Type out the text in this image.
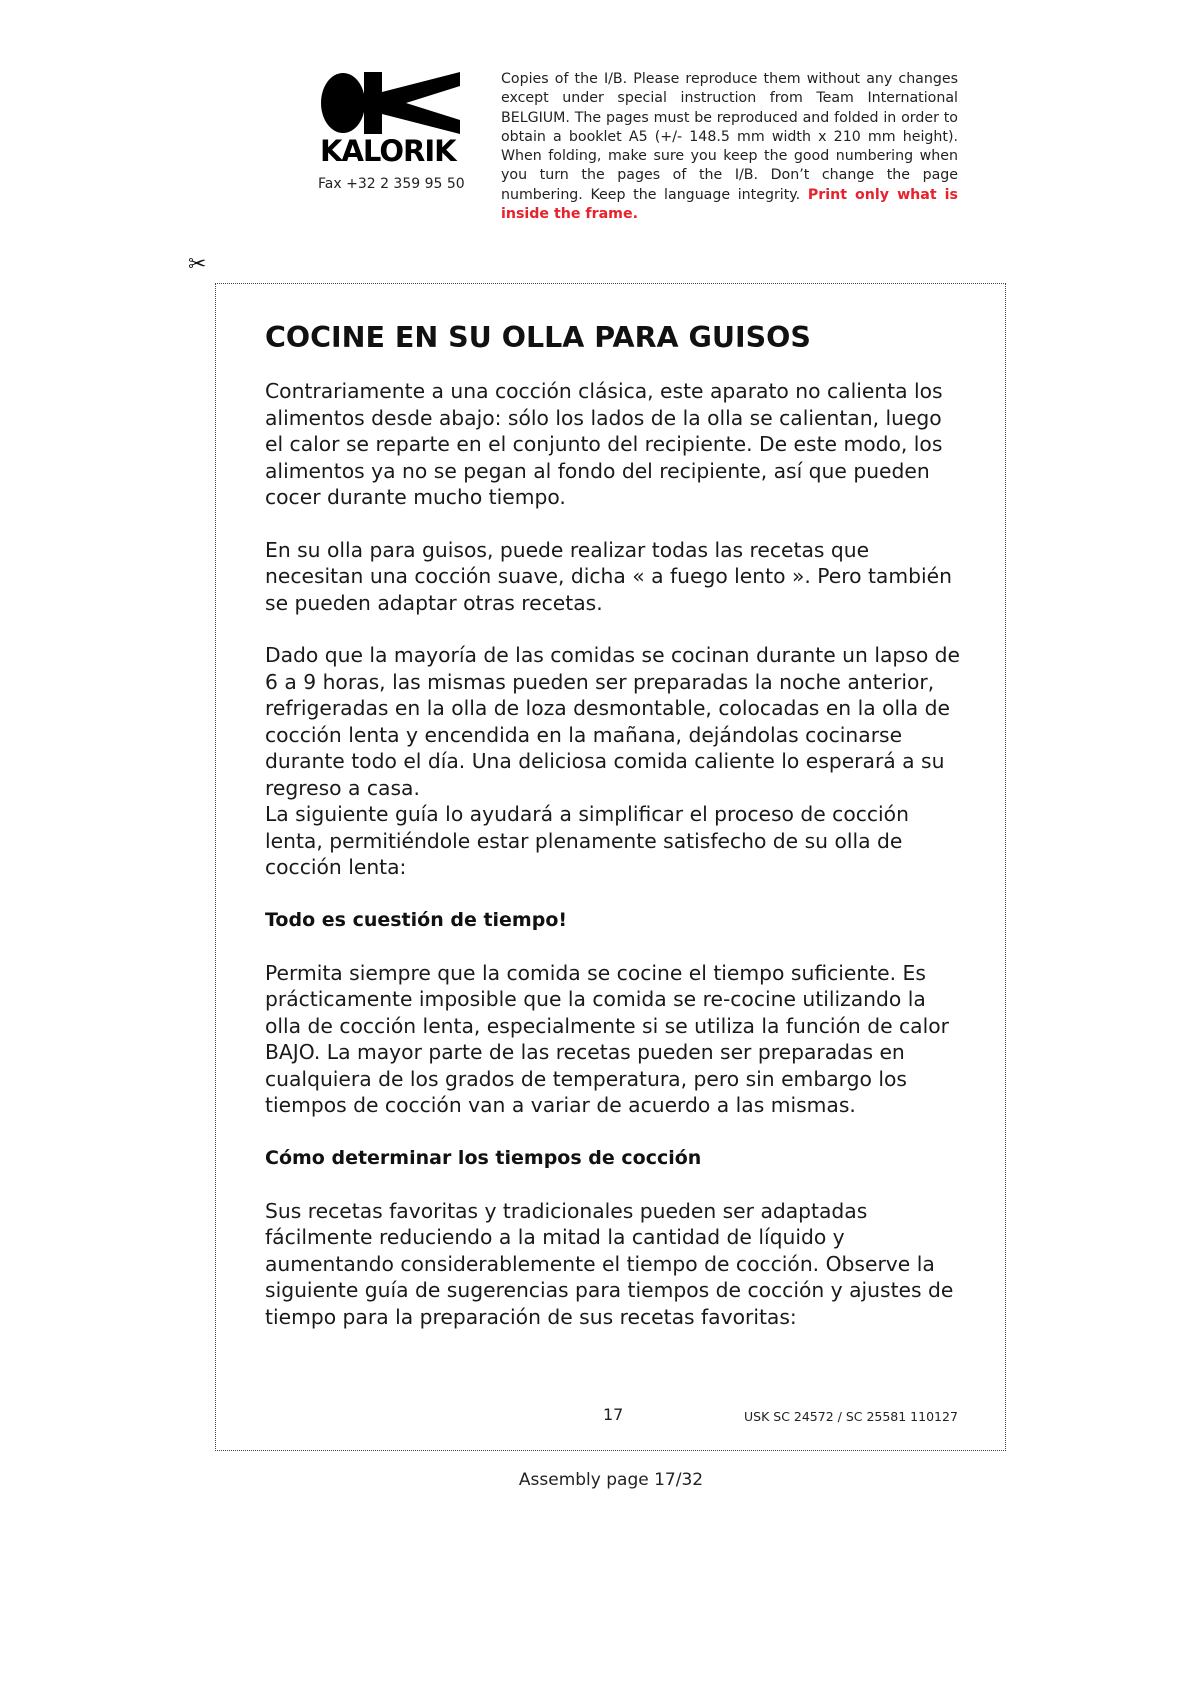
KALORIK
Fax +32 2 359 95 50
Copies of the I/B. Please reproduce them without any changes except under special instruction from Team International BELGIUM. The pages must be reproduced and folded in order to obtain a booklet A5 (+/- 148.5 mm width x 210 mm height). When folding, make sure you keep the good numbering when you turn the pages of the I/B. Don’t change the page numbering. Keep the language integrity. Print only what is inside the frame.
✂
COCINE EN SU OLLA PARA GUISOS

Contrariamente a una cocción clásica, este aparato no calienta los alimentos desde abajo: sólo los lados de la olla se calientan, luego el calor se reparte en el conjunto del recipiente. De este modo, los alimentos ya no se pegan al fondo del recipiente, así que pueden cocer durante mucho tiempo.

En su olla para guisos, puede realizar todas las recetas que necesitan una cocción suave, dicha « a fuego lento ». Pero también se pueden adaptar otras recetas.

Dado que la mayoría de las comidas se cocinan durante un lapso de 6 a 9 horas, las mismas pueden ser preparadas la noche anterior, refrigeradas en la olla de loza desmontable, colocadas en la olla de cocción lenta y encendida en la mañana, dejándolas cocinarse durante todo el día. Una deliciosa comida caliente lo esperará a su regreso a casa.

La siguiente guía lo ayudará a simplificar el proceso de cocción lenta, permitiéndole estar plenamente satisfecho de su olla de cocción lenta:

Todo es cuestión de tiempo!

Permita siempre que la comida se cocine el tiempo suficiente. Es prácticamente imposible que la comida se re-cocine utilizando la olla de cocción lenta, especialmente si se utiliza la función de calor BAJO. La mayor parte de las recetas pueden ser preparadas en cualquiera de los grados de temperatura, pero sin embargo los tiempos de cocción van a variar de acuerdo a las mismas.

Cómo determinar los tiempos de cocción

Sus recetas favoritas y tradicionales pueden ser adaptadas fácilmente reduciendo a la mitad la cantidad de líquido y aumentando considerablemente el tiempo de cocción. Observe la siguiente guía de sugerencias para tiempos de cocción y ajustes de tiempo para la preparación de sus recetas favoritas:

17	USK SC 24572 / SC 25581 110127
Assembly page 17/32
